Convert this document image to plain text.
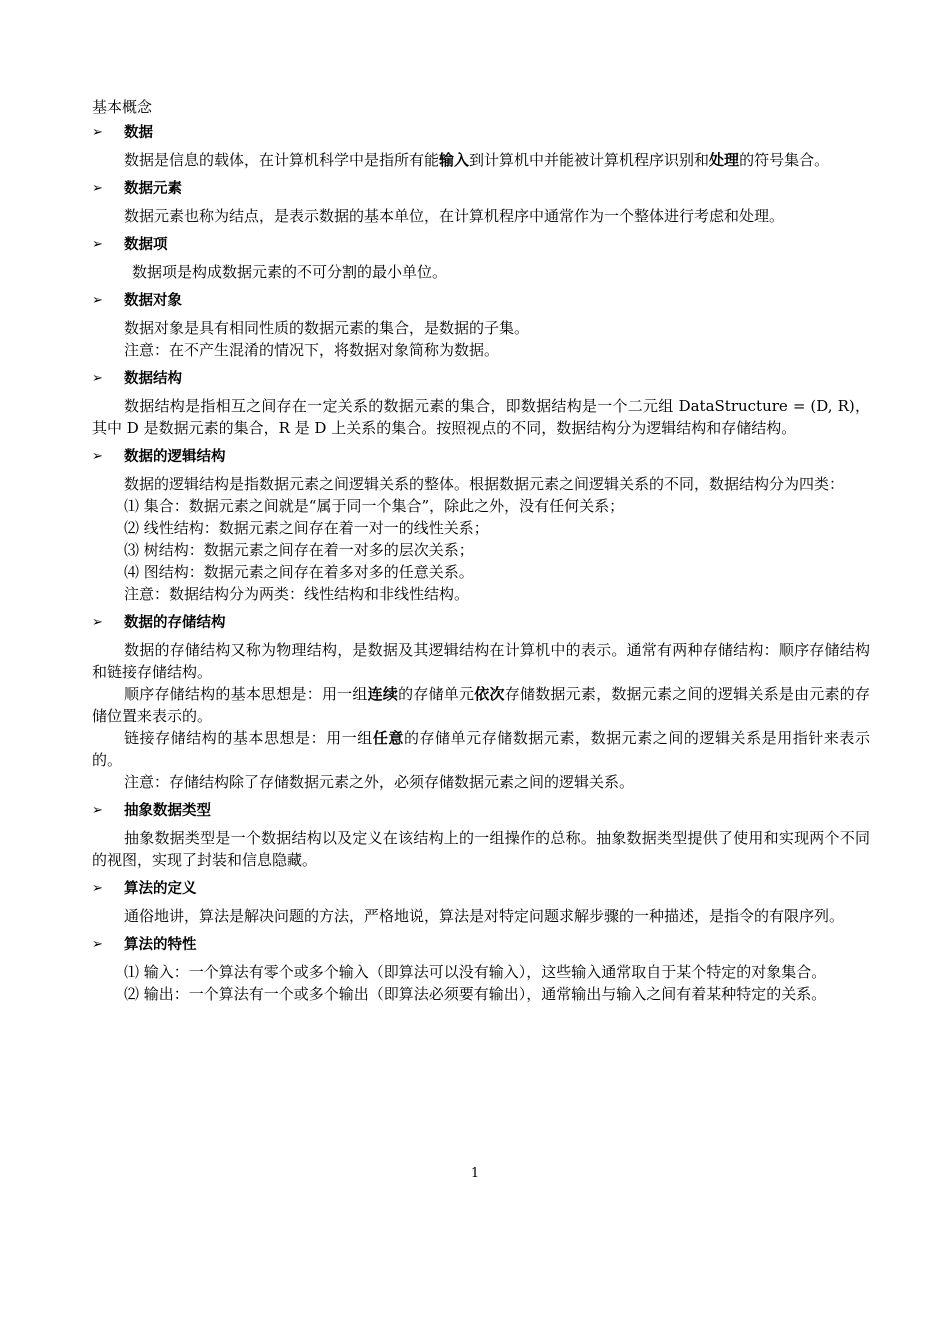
基本概念
➢	数据

数据是信息的载体，在计算机科学中是指所有能输入到计算机中并能被计算机程序识别和处理的符号集合。

➢	数据元素

数据元素也称为结点，是表示数据的基本单位，在计算机程序中通常作为一个整体进行考虑和处理。

➢	数据项

数据项是构成数据元素的不可分割的最小单位。

➢	数据对象

数据对象是具有相同性质的数据元素的集合，是数据的子集。

注意：在不产生混淆的情况下，将数据对象简称为数据。

➢	数据结构

数据结构是指相互之间存在一定关系的数据元素的集合，即数据结构是一个二元组 DataStructure = (D, R)，其中 D 是数据元素的集合，R 是 D 上关系的集合。按照视点的不同，数据结构分为逻辑结构和存储结构。

➢	数据的逻辑结构

数据的逻辑结构是指数据元素之间逻辑关系的整体。根据数据元素之间逻辑关系的不同，数据结构分为四类：

⑴ 集合：数据元素之间就是“属于同一个集合”，除此之外，没有任何关系；

⑵ 线性结构：数据元素之间存在着一对一的线性关系；

⑶ 树结构：数据元素之间存在着一对多的层次关系；

⑷ 图结构：数据元素之间存在着多对多的任意关系。

注意：数据结构分为两类：线性结构和非线性结构。

➢	数据的存储结构

数据的存储结构又称为物理结构，是数据及其逻辑结构在计算机中的表示。通常有两种存储结构：顺序存储结构和链接存储结构。

顺序存储结构的基本思想是：用一组连续的存储单元依次存储数据元素，数据元素之间的逻辑关系是由元素的存储位置来表示的。

链接存储结构的基本思想是：用一组任意的存储单元存储数据元素，数据元素之间的逻辑关系是用指针来表示的。

注意：存储结构除了存储数据元素之外，必须存储数据元素之间的逻辑关系。

➢	抽象数据类型

抽象数据类型是一个数据结构以及定义在该结构上的一组操作的总称。抽象数据类型提供了使用和实现两个不同的视图，实现了封装和信息隐藏。

➢	算法的定义

通俗地讲，算法是解决问题的方法，严格地说，算法是对特定问题求解步骤的一种描述，是指令的有限序列。

➢	算法的特性

⑴ 输入：一个算法有零个或多个输入（即算法可以没有输入），这些输入通常取自于某个特定的对象集合。

⑵ 输出：一个算法有一个或多个输出（即算法必须要有输出），通常输出与输入之间有着某种特定的关系。

1
